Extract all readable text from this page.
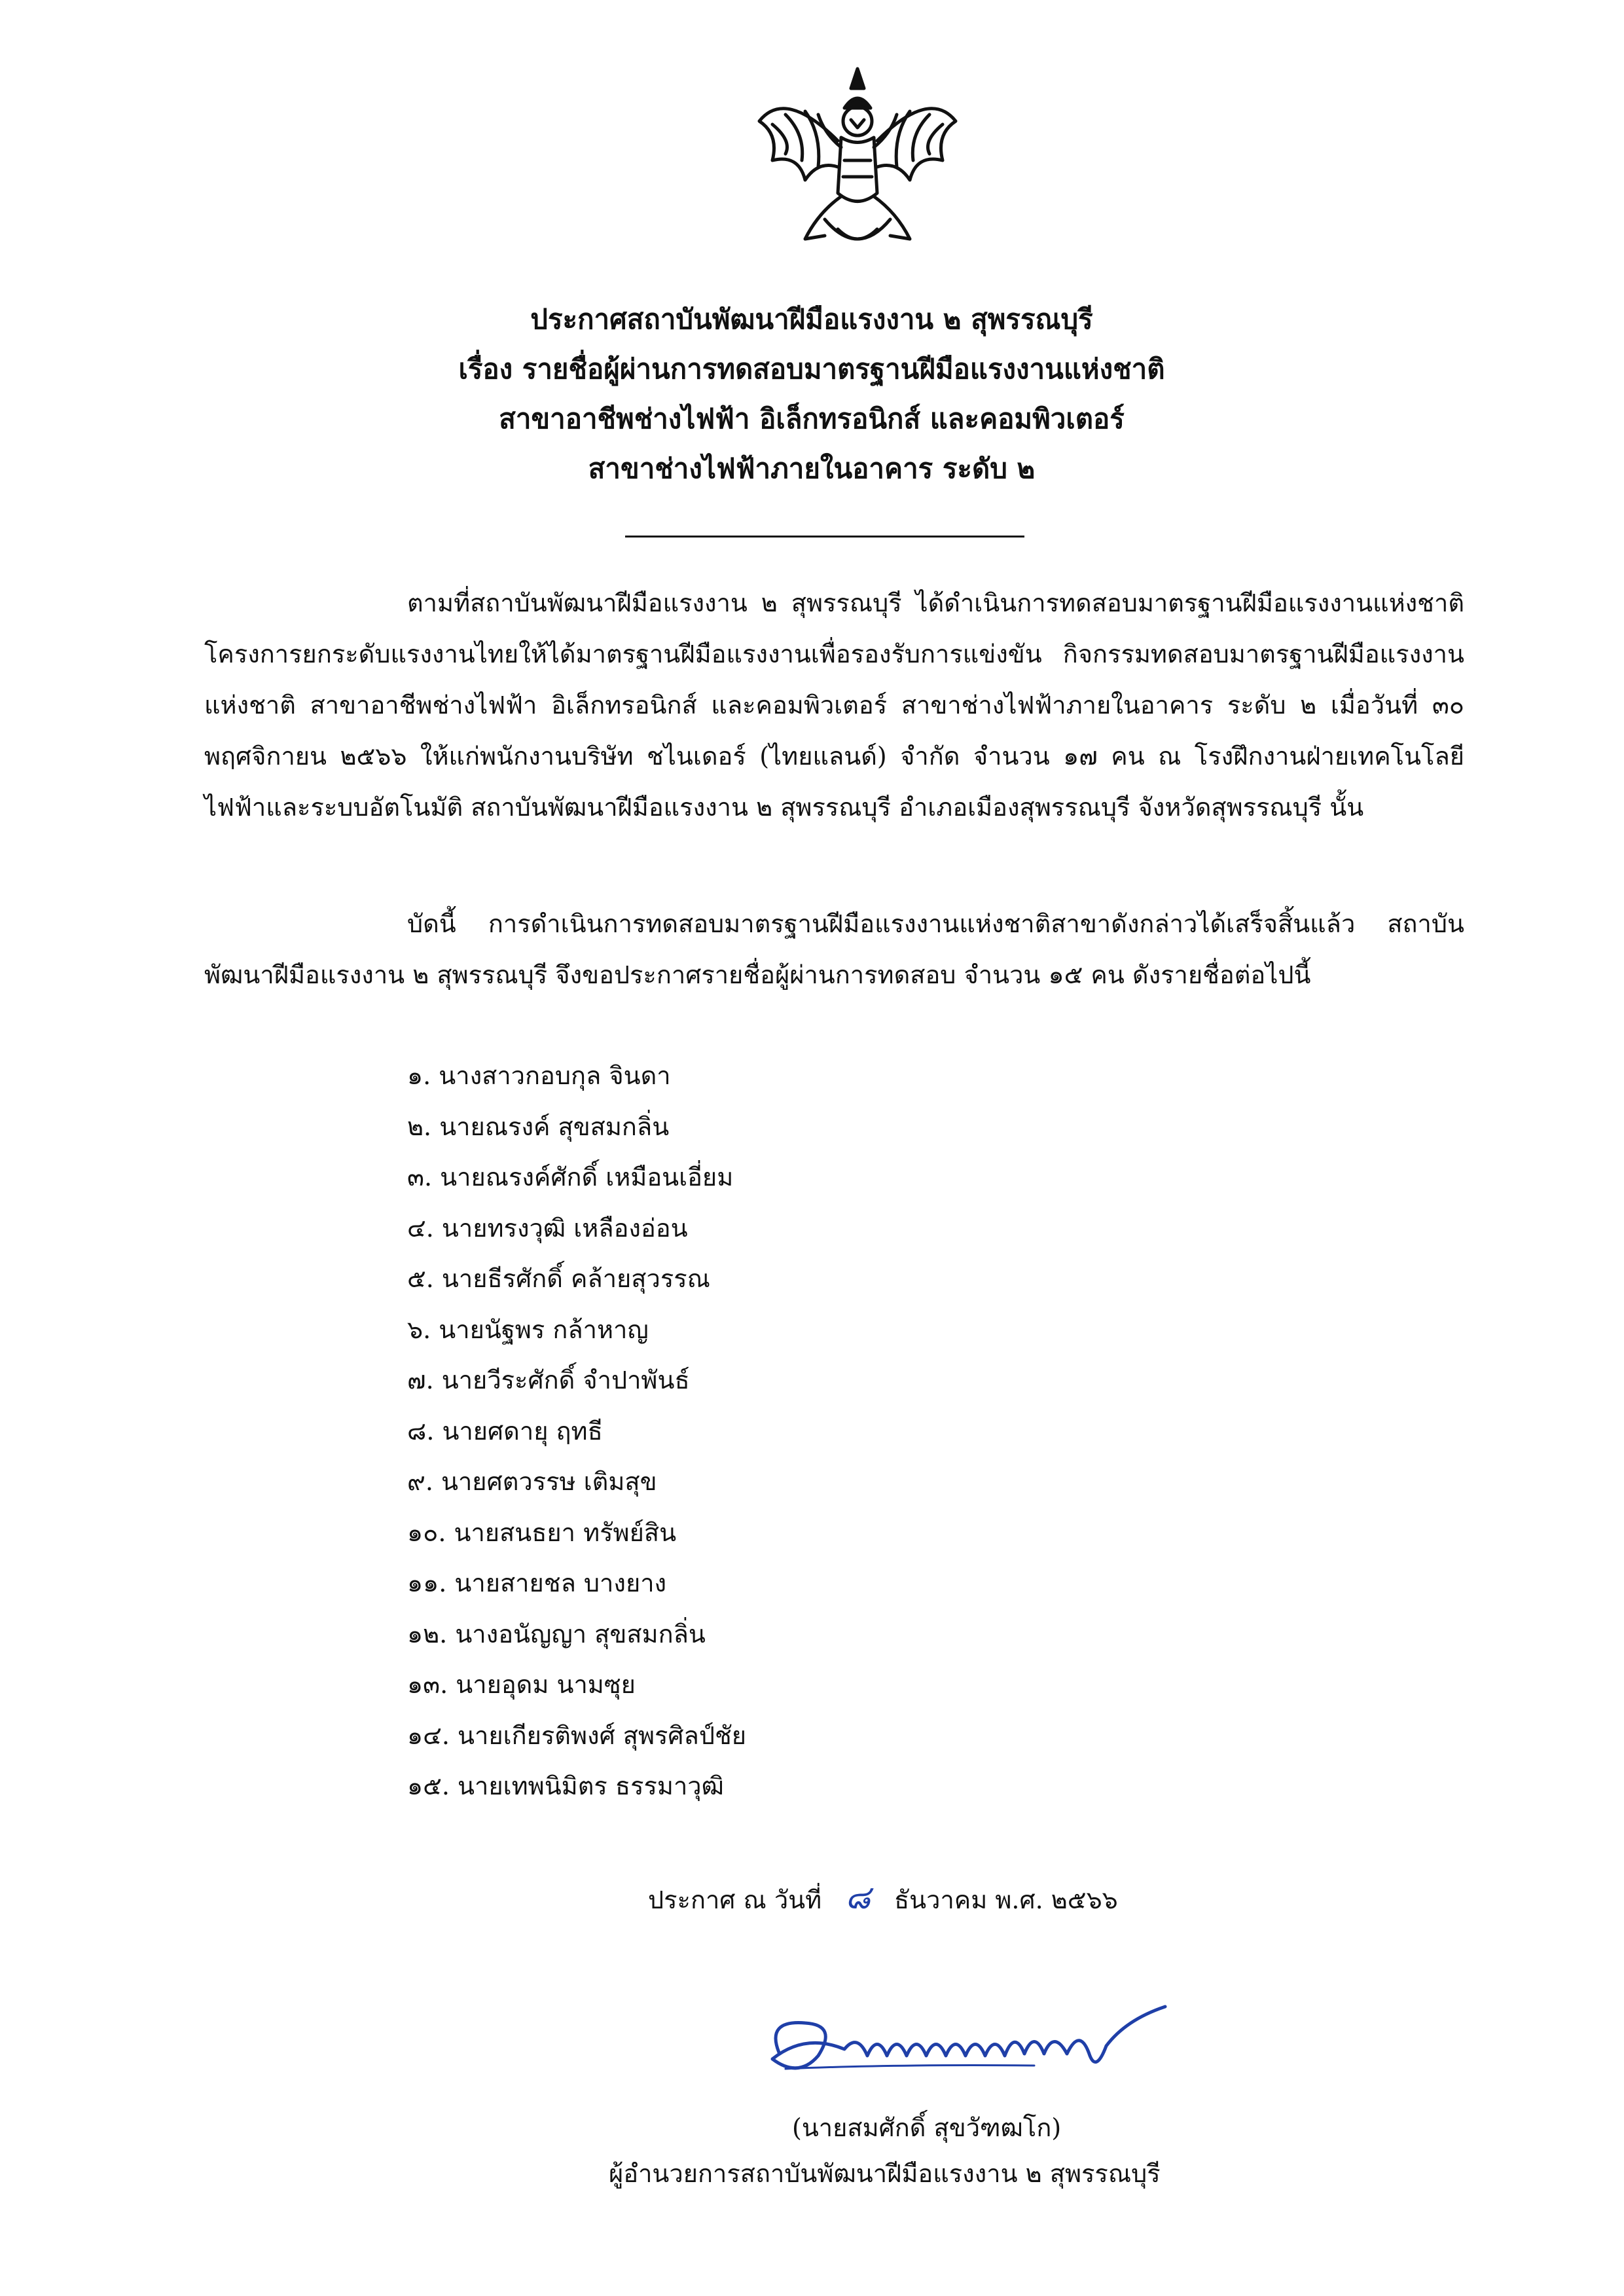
ประกาศสถาบันพัฒนาฝีมือแรงงาน ๒ สุพรรณบุรี
เรื่อง รายชื่อผู้ผ่านการทดสอบมาตรฐานฝีมือแรงงานแห่งชาติ
สาขาอาชีพช่างไฟฟ้า อิเล็กทรอนิกส์ และคอมพิวเตอร์
สาขาช่างไฟฟ้าภายในอาคาร ระดับ ๒

ตามที่สถาบันพัฒนาฝีมือแรงงาน ๒ สุพรรณบุรี ได้ดำเนินการทดสอบมาตรฐานฝีมือแรงงานแห่งชาติ โครงการยกระดับแรงงานไทยให้ได้มาตรฐานฝีมือแรงงานเพื่อรองรับการแข่งขัน กิจกรรมทดสอบมาตรฐานฝีมือแรงงานแห่งชาติ สาขาอาชีพช่างไฟฟ้า อิเล็กทรอนิกส์ และคอมพิวเตอร์ สาขาช่างไฟฟ้าภายในอาคาร ระดับ ๒ เมื่อวันที่ ๓๐ พฤศจิกายน ๒๕๖๖ ให้แก่พนักงานบริษัท ชไนเดอร์ (ไทยแลนด์) จำกัด จำนวน ๑๗ คน ณ โรงฝึกงานฝ่ายเทคโนโลยีไฟฟ้าและระบบอัตโนมัติ สถาบันพัฒนาฝีมือแรงงาน ๒ สุพรรณบุรี อำเภอเมืองสุพรรณบุรี จังหวัดสุพรรณบุรี นั้น

บัดนี้ การดำเนินการทดสอบมาตรฐานฝีมือแรงงานแห่งชาติสาขาดังกล่าวได้เสร็จสิ้นแล้ว สถาบันพัฒนาฝีมือแรงงาน ๒ สุพรรณบุรี จึงขอประกาศรายชื่อผู้ผ่านการทดสอบ จำนวน ๑๕ คน ดังรายชื่อต่อไปนี้

๑. นางสาวกอบกุล จินดา
๒. นายณรงค์ สุขสมกลิ่น
๓. นายณรงค์ศักดิ์ เหมือนเอี่ยม
๔. นายทรงวุฒิ เหลืองอ่อน
๕. นายธีรศักดิ์ คล้ายสุวรรณ
๖. นายนัฐพร กล้าหาญ
๗. นายวีระศักดิ์ จำปาพันธ์
๘. นายศดายุ ฤทธี
๙. นายศตวรรษ เติมสุข
๑๐. นายสนธยา ทรัพย์สิน
๑๑. นายสายชล บางยาง
๑๒. นางอนัญญา สุขสมกลิ่น
๑๓. นายอุดม นามซุย
๑๔. นายเกียรติพงศ์ สุพรศิลป์ชัย
๑๕. นายเทพนิมิตร ธรรมาวุฒิ
ประกาศ ณ วันที่ ๘ ธันวาคม พ.ศ. ๒๕๖๖
(นายสมศักดิ์ สุขวัฑฒโก)
ผู้อำนวยการสถาบันพัฒนาฝีมือแรงงาน ๒ สุพรรณบุรี
